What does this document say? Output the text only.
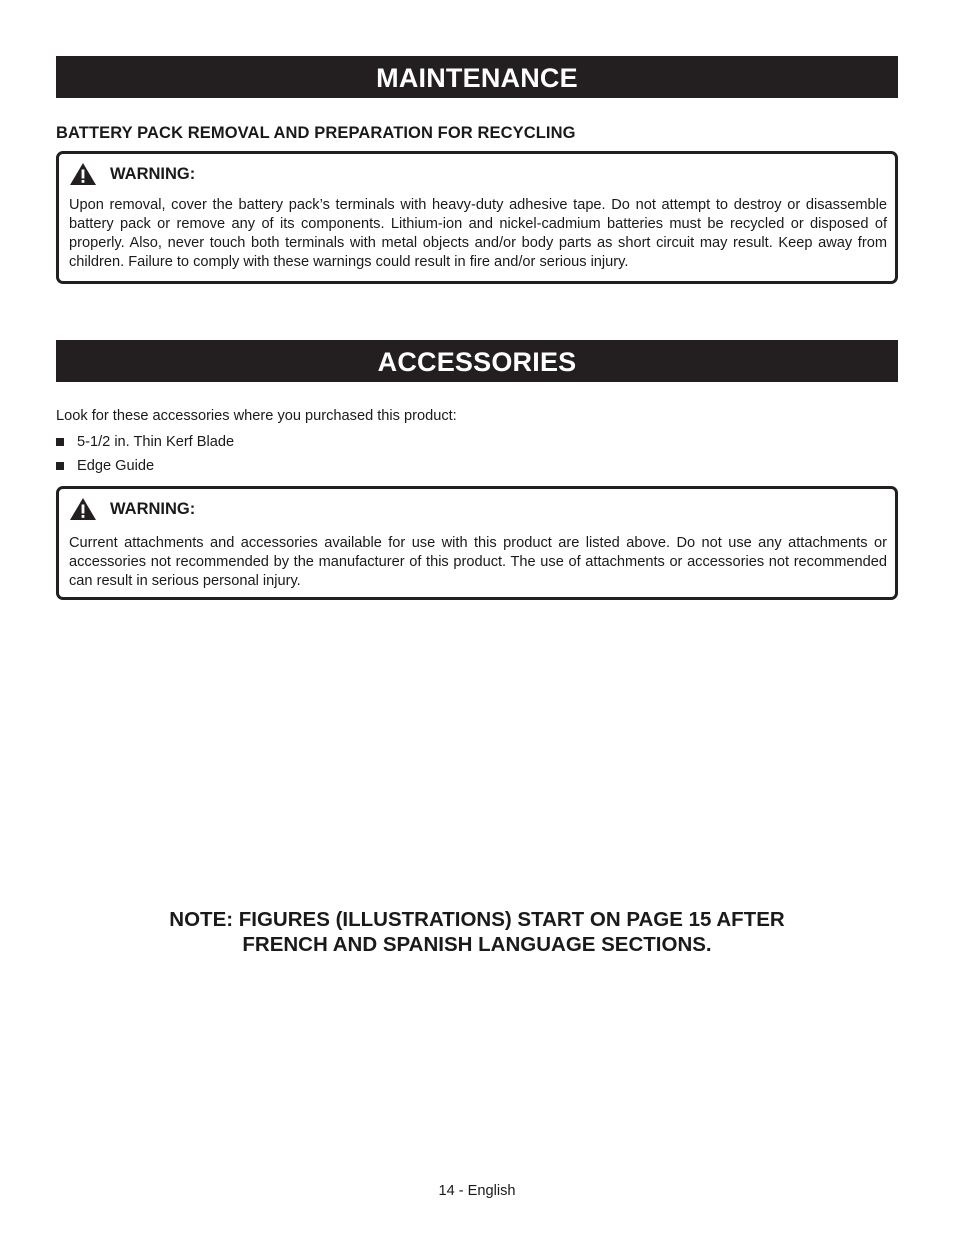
MAINTENANCE
BATTERY PACK REMOVAL AND PREPARATION FOR RECYCLING
WARNING:

Upon removal, cover the battery pack’s terminals with heavy-duty adhesive tape. Do not attempt to destroy or disassemble battery pack or remove any of its components. Lithium-ion and nickel-cadmium batteries must be recycled or disposed of properly. Also, never touch both terminals with metal objects and/or body parts as short circuit may result. Keep away from children. Failure to comply with these warnings could result in fire and/or serious injury.

ACCESSORIES
Look for these accessories where you purchased this product:
5-1/2 in. Thin Kerf Blade
Edge Guide
WARNING:

Current attachments and accessories available for use with this product are listed above. Do not use any attachments or accessories not recommended by the manufacturer of this product. The use of attachments or accessories not recommended can result in serious personal injury.

NOTE: FIGURES (ILLUSTRATIONS) START ON PAGE 15 AFTER
FRENCH AND SPANISH LANGUAGE SECTIONS.
14 - English
